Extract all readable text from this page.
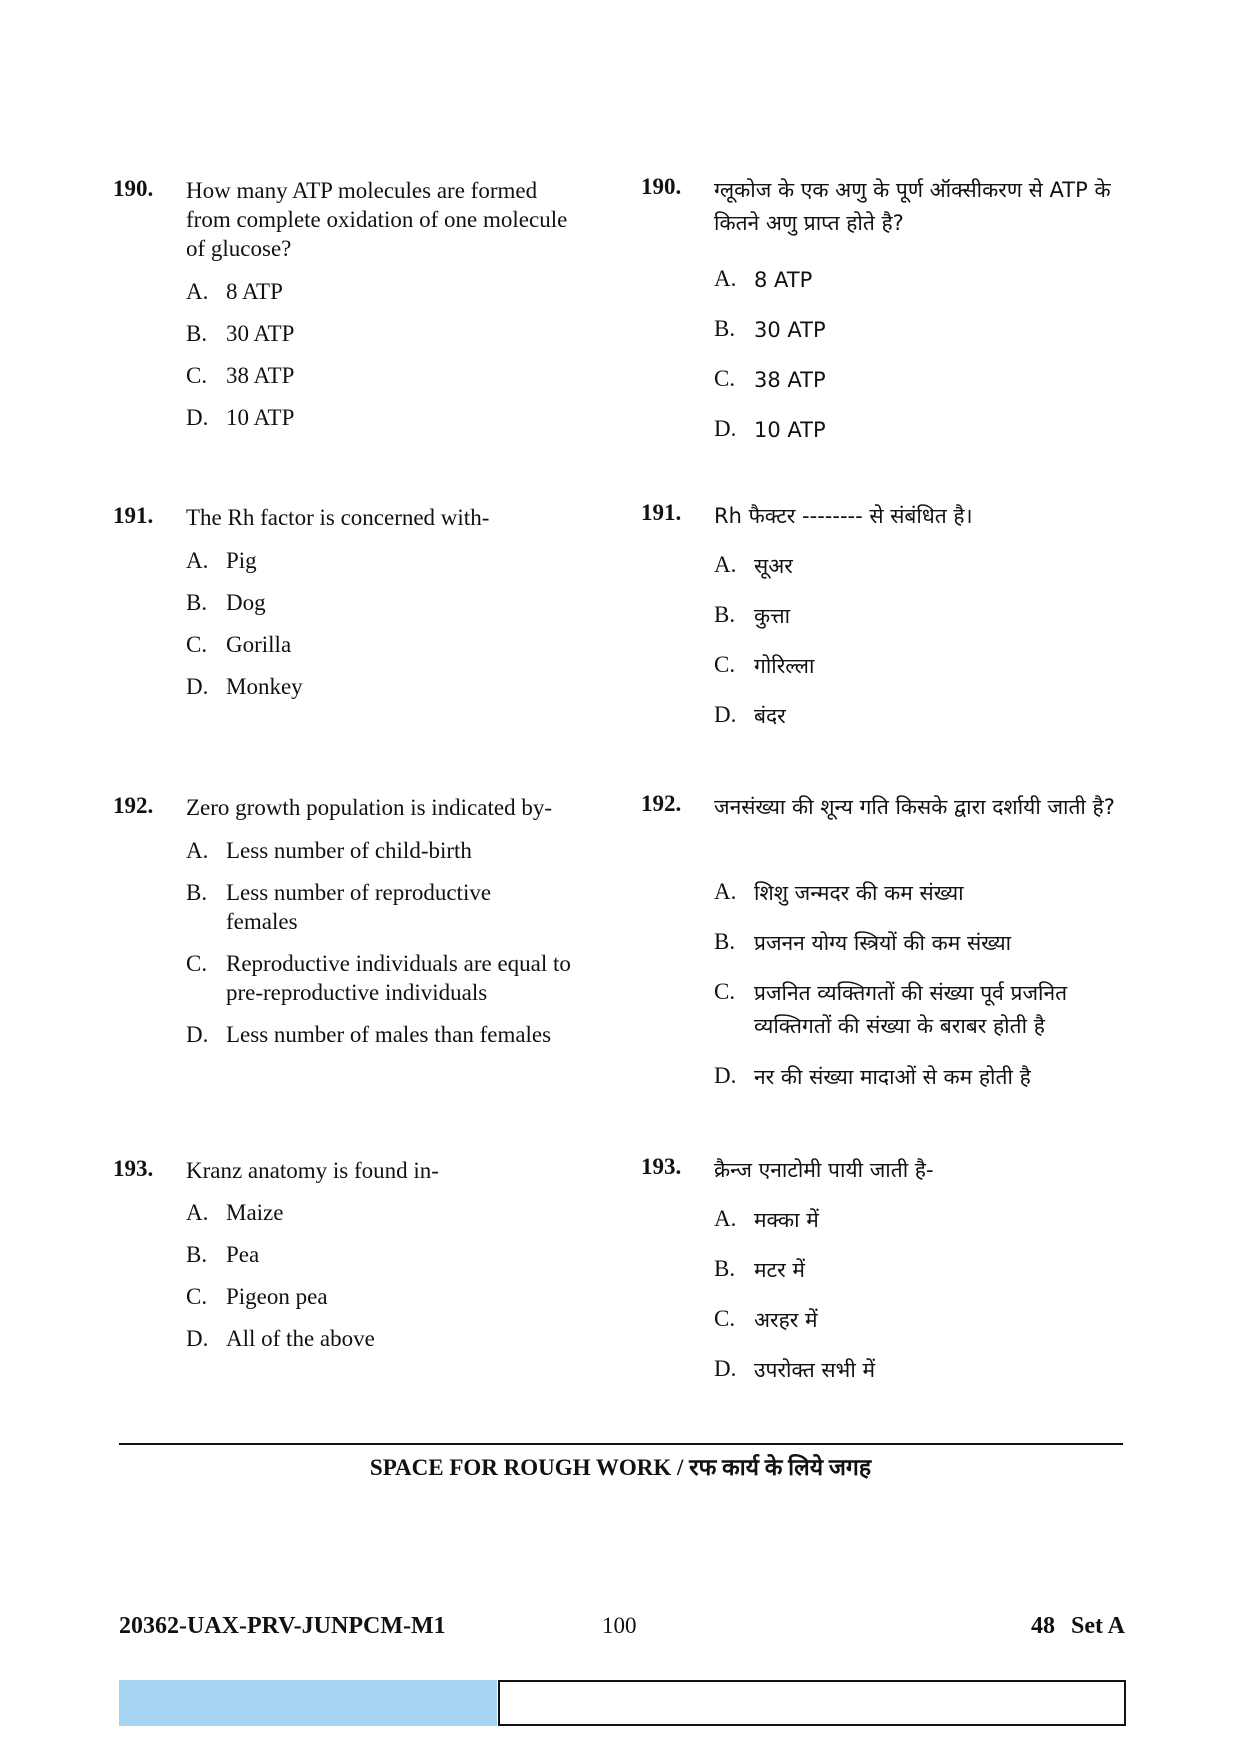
190. How many ATP molecules are formed from complete oxidation of one molecule of glucose?
A. 8 ATP
B. 30 ATP
C. 38 ATP
D. 10 ATP
191. The Rh factor is concerned with-
A. Pig
B. Dog
C. Gorilla
D. Monkey
192. Zero growth population is indicated by-
A. Less number of child-birth
B. Less number of reproductive females
C. Reproductive individuals are equal to pre-reproductive individuals
D. Less number of males than females
193. Kranz anatomy is found in-
A. Maize
B. Pea
C. Pigeon pea
D. All of the above
190. ग्लूकोज के एक अणु के पूर्ण ऑक्सीकरण से ATP के कितने अणु प्राप्त होते है?
A. 8 ATP
B. 30 ATP
C. 38 ATP
D. 10 ATP
191. Rh फैक्टर -------- से संबंधित है।
A. सूअर
B. कुत्ता
C. गोरिल्ला
D. बंदर
192. जनसंख्या की शून्य गति किसके द्वारा दर्शायी जाती है?
A. शिशु जन्मदर की कम संख्या
B. प्रजनन योग्य स्त्रियों की कम संख्या
C. प्रजनित व्यक्तिगतों की संख्या पूर्व प्रजनित व्यक्तिगतों की संख्या के बराबर होती है
D. नर की संख्या मादाओं से कम होती है
193. क्रैन्ज एनाटोमी पायी जाती है-
A. मक्का में
B. मटर में
C. अरहर में
D. उपरोक्त सभी में
SPACE FOR ROUGH WORK / रफ कार्य के लिये जगह
20362-UAX-PRV-JUNPCM-M1	100	48 Set A
